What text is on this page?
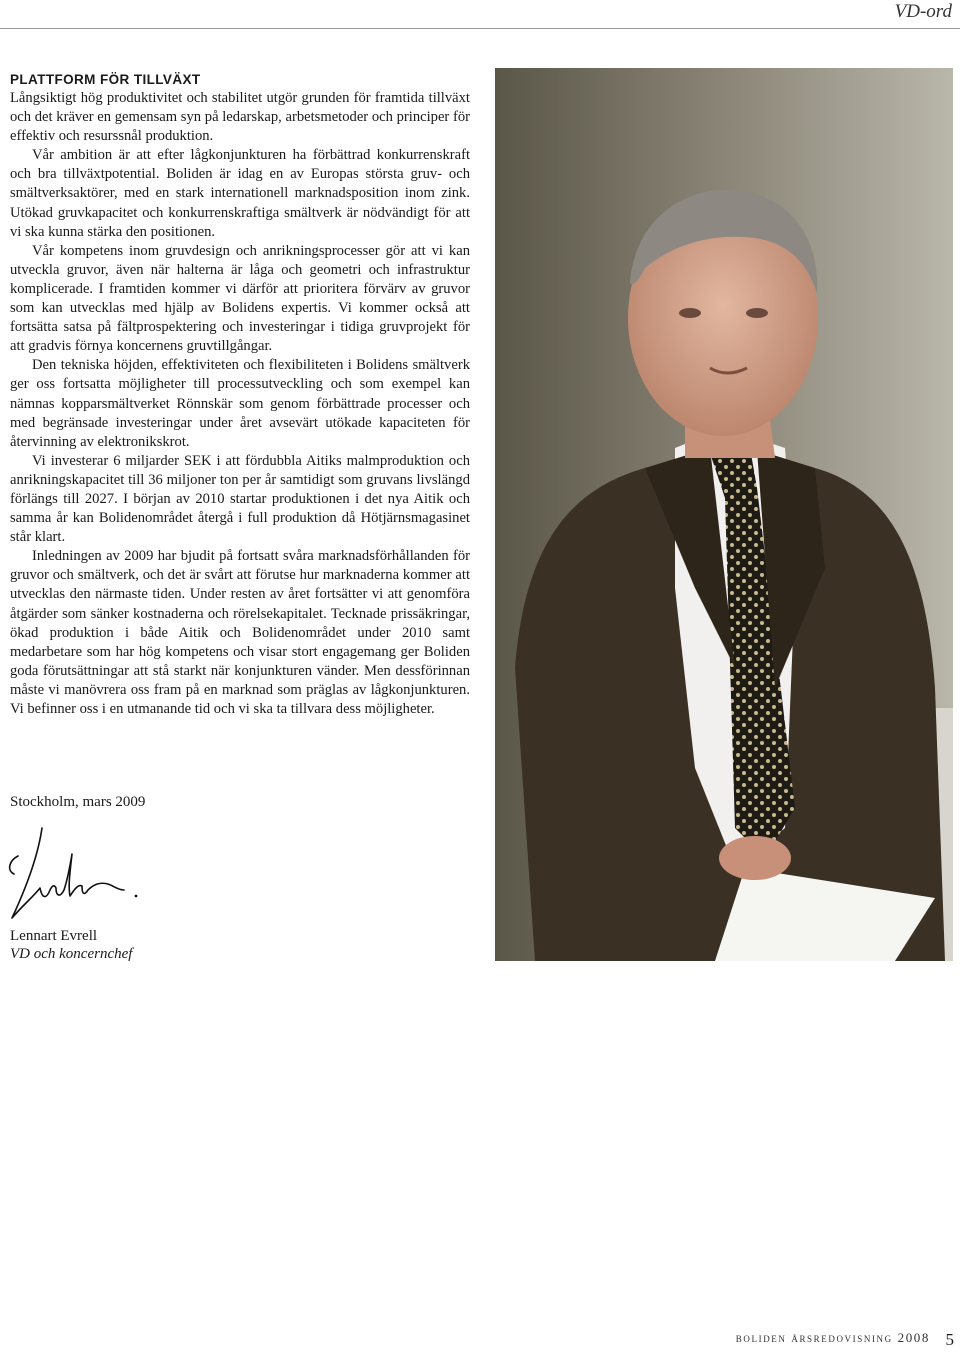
VD-ord
PLATTFORM FÖR TILLVÄXT

Långsiktigt hög produktivitet och stabilitet utgör grunden för framtida tillväxt och det kräver en gemensam syn på ledarskap, arbetsmetoder och principer för effektiv och resurssnål produktion.

Vår ambition är att efter lågkonjunkturen ha förbättrad konkurrenskraft och bra tillväxtpotential. Boliden är idag en av Europas största gruv- och smältverksaktörer, med en stark internationell marknadsposition inom zink. Utökad gruvkapacitet och konkurrenskraftiga smältverk är nödvändigt för att vi ska kunna stärka den positionen.

Vår kompetens inom gruvdesign och anrikningsprocesser gör att vi kan utveckla gruvor, även när halterna är låga och geometri och infrastruktur komplicerade. I framtiden kommer vi därför att prioritera förvärv av gruvor som kan utvecklas med hjälp av Bolidens expertis. Vi kommer också att fortsätta satsa på fältprospektering och investeringar i tidiga gruvprojekt för att gradvis förnya koncernens gruvtillgångar.

Den tekniska höjden, effektiviteten och flexibiliteten i Bolidens smältverk ger oss fortsatta möjligheter till processutveckling och som exempel kan nämnas kopparsmältverket Rönnskär som genom förbättrade processer och med begränsade investeringar under året avsevärt utökade kapaciteten för återvinning av elektronikskrot.

Vi investerar 6 miljarder SEK i att fördubbla Aitiks malmproduktion och anrikningskapacitet till 36 miljoner ton per år samtidigt som gruvans livslängd förlängs till 2027. I början av 2010 startar produktionen i det nya Aitik och samma år kan Bolidenområdet återgå i full produktion då Hötjärnsmagasinet står klart.

Inledningen av 2009 har bjudit på fortsatt svåra marknadsförhållanden för gruvor och smältverk, och det är svårt att förutse hur marknaderna kommer att utvecklas den närmaste tiden. Under resten av året fortsätter vi att genomföra åtgärder som sänker kostnaderna och rörelsekapitalet. Tecknade prissäkringar, ökad produktion i både Aitik och Bolidenområdet under 2010 samt medarbetare som har hög kompetens och visar stort engagemang ger Boliden goda förutsättningar att stå starkt när konjunkturen vänder. Men dessförinnan måste vi manövrera oss fram på en marknad som präglas av lågkonjunkturen. Vi befinner oss i en utmanande tid och vi ska ta tillvara dess möjligheter.

Stockholm, mars 2009
Lennart Evrell
VD och koncernchef
boliden årsredovisning 2008 5
